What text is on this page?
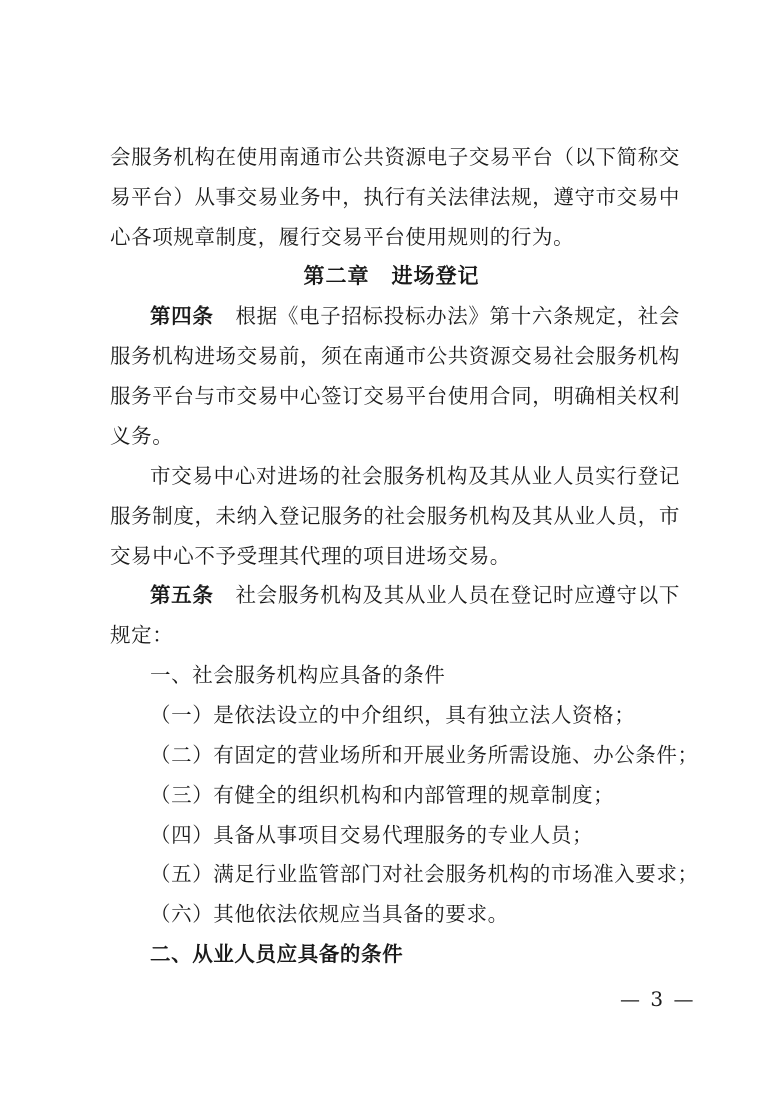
会服务机构在使用南通市公共资源电子交易平台（以下简称交
易平台）从事交易业务中，执行有关法律法规，遵守市交易中
心各项规章制度，履行交易平台使用规则的行为。
第二章 进场登记
第四条 根据《电子招标投标办法》第十六条规定，社会
服务机构进场交易前，须在南通市公共资源交易社会服务机构
服务平台与市交易中心签订交易平台使用合同，明确相关权利
义务。
市交易中心对进场的社会服务机构及其从业人员实行登记
服务制度，未纳入登记服务的社会服务机构及其从业人员，市
交易中心不予受理其代理的项目进场交易。
第五条 社会服务机构及其从业人员在登记时应遵守以下
规定：
一、社会服务机构应具备的条件
（一）是依法设立的中介组织，具有独立法人资格；
（二）有固定的营业场所和开展业务所需设施、办公条件；
（三）有健全的组织机构和内部管理的规章制度；
（四）具备从事项目交易代理服务的专业人员；
（五）满足行业监管部门对社会服务机构的市场准入要求；
（六）其他依法依规应当具备的要求。
二、从业人员应具备的条件
— 3 —
